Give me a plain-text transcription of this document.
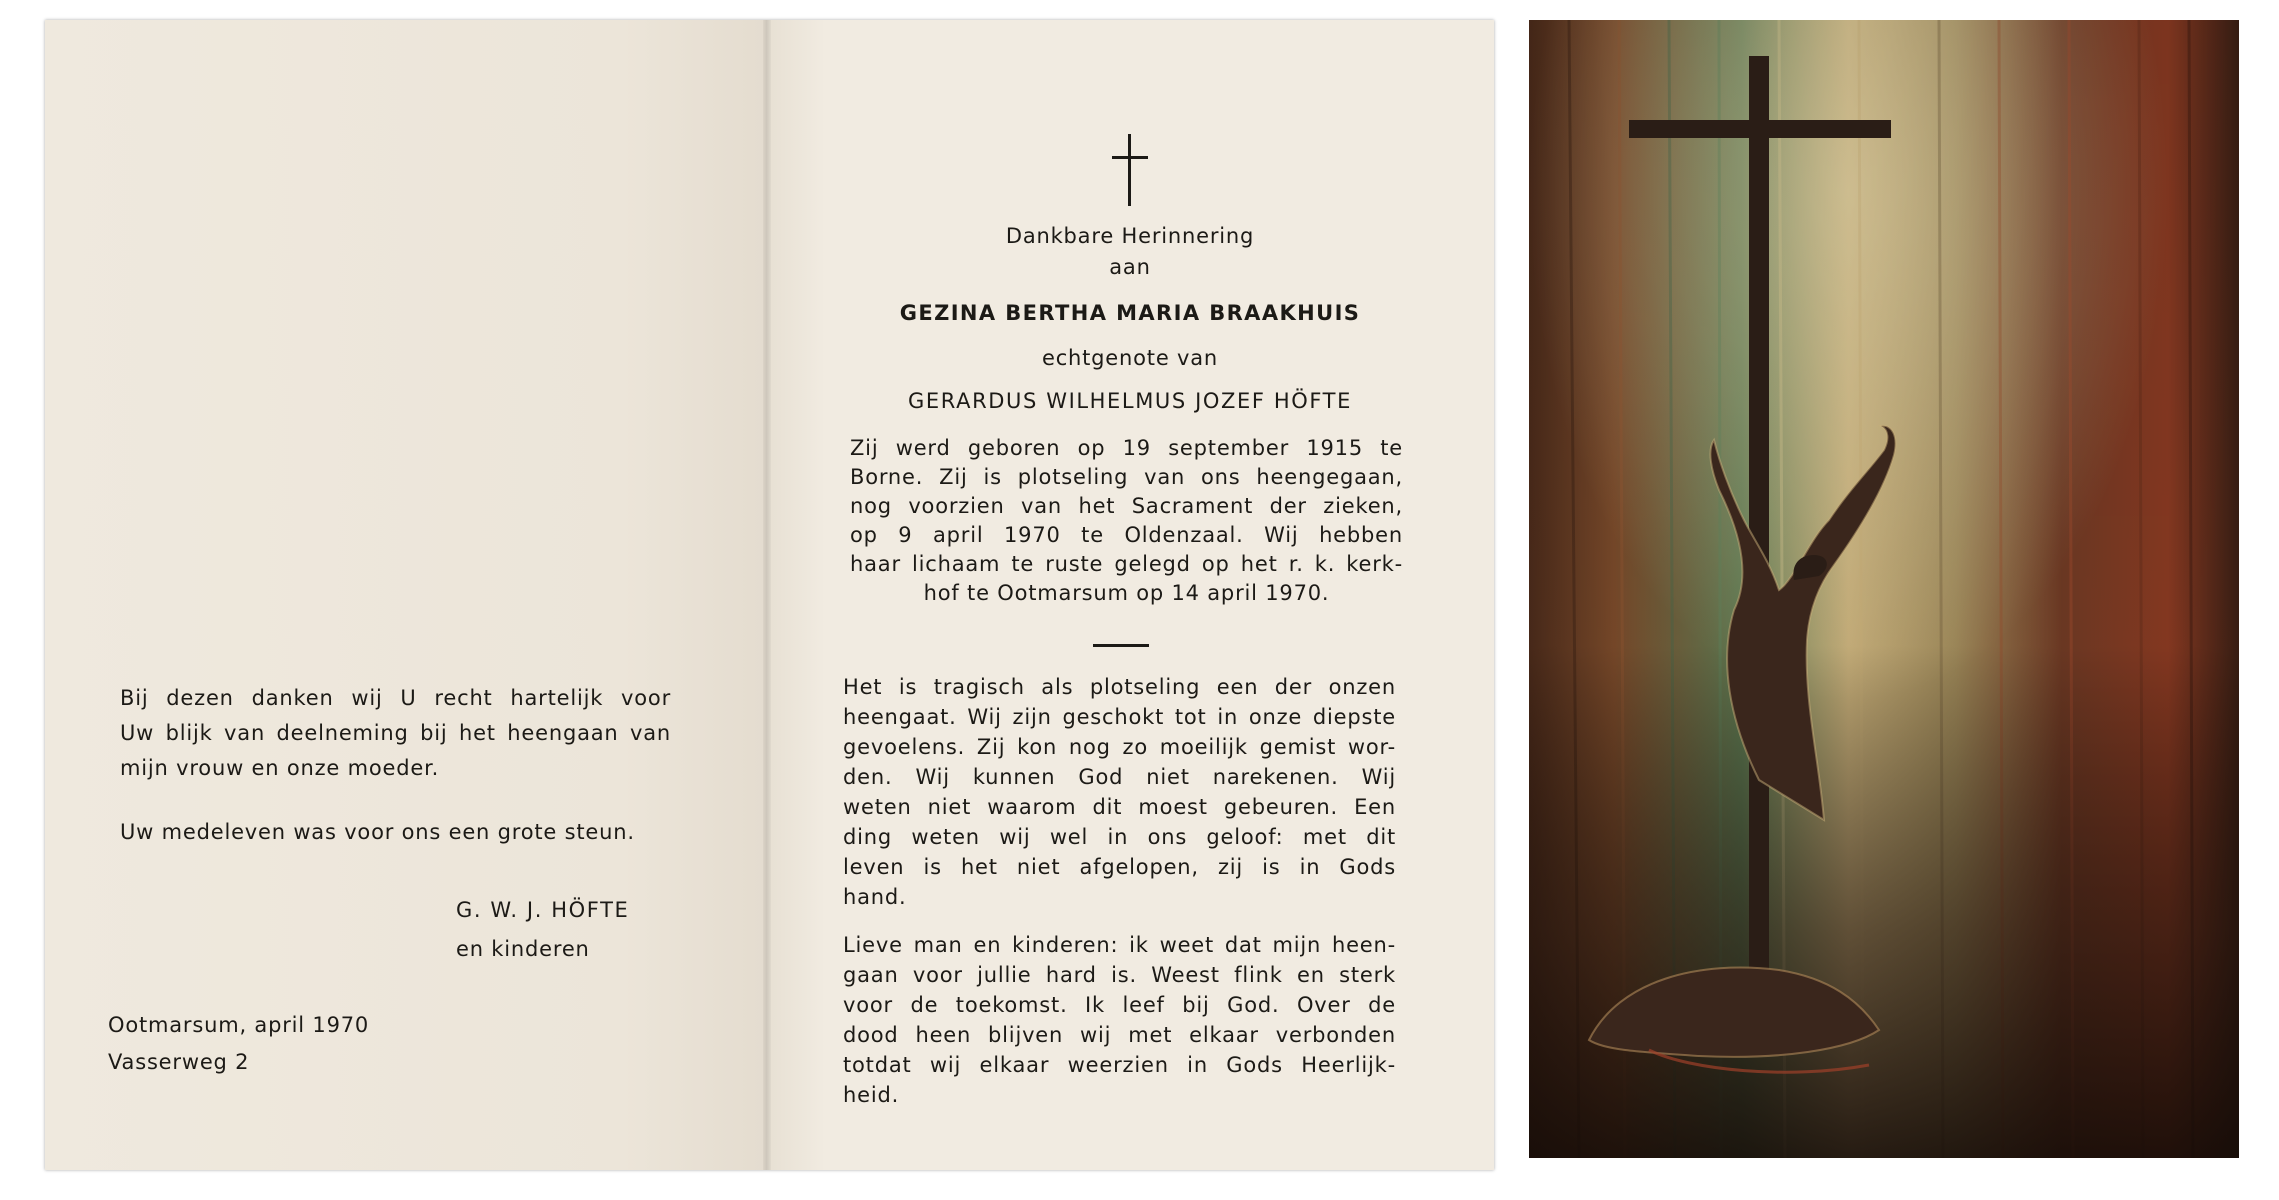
Bij dezen danken wij U recht hartelijk voor
Uw blijk van deelneming bij het heengaan van
mijn vrouw en onze moeder.
Uw medeleven was voor ons een grote steun.
G. W. J. HÖFTE
en kinderen
Ootmarsum, april 1970
Vasserweg 2
Dankbare Herinnering
aan
GEZINA BERTHA MARIA BRAAKHUIS
echtgenote van
GERARDUS WILHELMUS JOZEF HÖFTE
Zij werd geboren op 19 september 1915 te
Borne. Zij is plotseling van ons heengegaan,
nog voorzien van het Sacrament der zieken,
op 9 april 1970 te Oldenzaal. Wij hebben
haar lichaam te ruste gelegd op het r. k. kerk-
hof te Ootmarsum op 14 april 1970.
Het is tragisch als plotseling een der onzen
heengaat. Wij zijn geschokt tot in onze diepste
gevoelens. Zij kon nog zo moeilijk gemist wor-
den. Wij kunnen God niet narekenen. Wij
weten niet waarom dit moest gebeuren. Een
ding weten wij wel in ons geloof: met dit
leven is het niet afgelopen, zij is in Gods
hand.
Lieve man en kinderen: ik weet dat mijn heen-
gaan voor jullie hard is. Weest flink en sterk
voor de toekomst. Ik leef bij God. Over de
dood heen blijven wij met elkaar verbonden
totdat wij elkaar weerzien in Gods Heerlijk-
heid.
